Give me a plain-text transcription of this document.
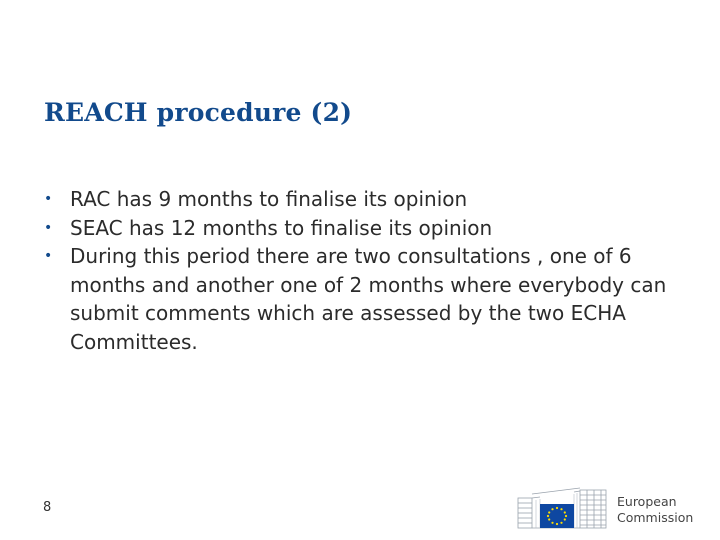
REACH procedure (2)
• RAC has 9 months to finalise its opinion
• SEAC has 12 months to finalise its opinion
• During this period there are two consultations , one of 6 months and another one of 2 months where everybody can submit comments which are assessed by the two ECHA Committees.
8	European
Commission
